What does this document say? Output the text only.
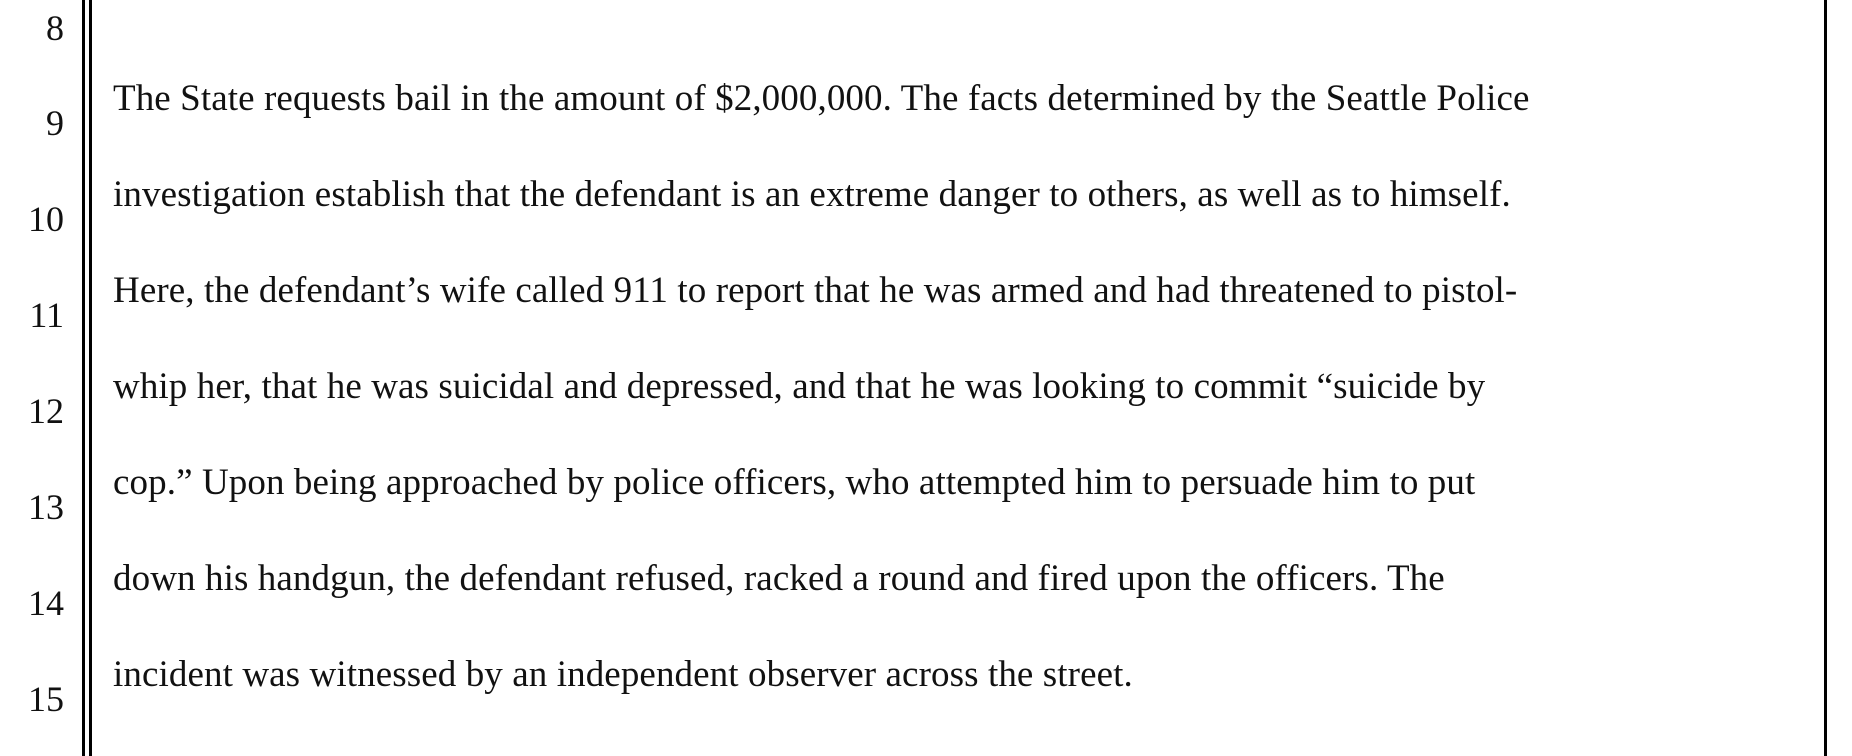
8
9
10
11
12
13
14
15
The State requests bail in the amount of $2,000,000. The facts determined by the Seattle Police
investigation establish that the defendant is an extreme danger to others, as well as to himself.
Here, the defendant’s wife called 911 to report that he was armed and had threatened to pistol-
whip her, that he was suicidal and depressed, and that he was looking to commit “suicide by
cop.” Upon being approached by police officers, who attempted him to persuade him to put
down his handgun, the defendant refused, racked a round and fired upon the officers. The
incident was witnessed by an independent observer across the street.
